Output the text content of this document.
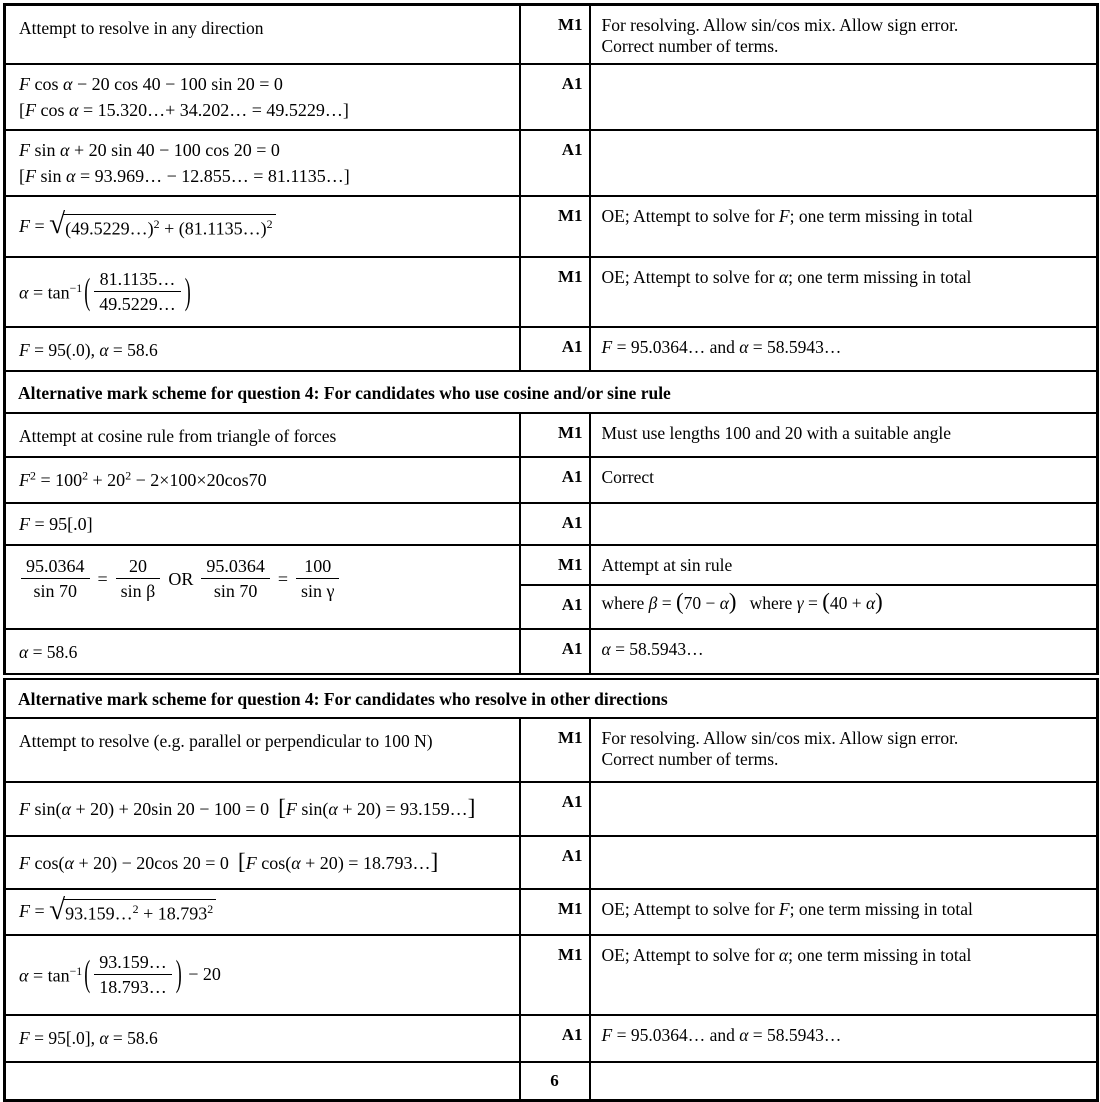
Attempt to resolve in any direction	M1	For resolving. Allow sin/cos mix. Allow sign error.
Correct number of terms.

F cos α − 20 cos 40 − 100 sin 20 = 0
[F cos α = 15.320…+ 34.202… = 49.5229…]	A1	

F sin α + 20 sin 40 − 100 cos 20 = 0
[F sin α = 93.969… − 12.855… = 81.1135…]	A1	

F = √ (49.5229…)$^2$ + (81.1135…)$^2$	M1	OE; Attempt to solve for F; one term missing in total

$\alpha = \tan^{-1}$ ( $\frac{81.1135\dots}{49.5229\dots}$ )	M1	OE; Attempt to solve for α; one term missing in total

F = 95(.0), α = 58.6	A1	F = 95.0364… and α = 58.5943…

Alternative mark scheme for question 4: For candidates who use cosine and/or sine rule		

Attempt at cosine rule from triangle of forces	M1	Must use lengths 100 and 20 with a suitable angle

$F^2 = 100^2 + 20^2 - 2\times 100\times 20\cos 70$	A1	Correct

F = 95[.0]	A1	

$\frac{95.0364}{\sin 70} = \frac{20}{\text{sin β}}$ OR $\frac{95.0364}{\sin 70} = \frac{100}{\text{sin γ}}$	M1	Attempt at sin rule

	A1	where β = (70 − α)   where γ = (40 + α)

α = 58.6	A1	α = 58.5943…

Alternative mark scheme for question 4: For candidates who resolve in other directions		

Attempt to resolve (e.g. parallel or perpendicular to 100 N)	M1	For resolving. Allow sin/cos mix. Allow sign error.
Correct number of terms.

F sin(α + 20) + 20sin 20 − 100 = 0  [F sin(α + 20) = 93.159…]	A1	

F cos(α + 20) − 20cos 20 = 0  [F cos(α + 20) = 18.793…]	A1	

F = √ 93.159…$^2$ + $18.793^2$	M1	OE; Attempt to solve for F; one term missing in total

$\alpha = \tan^{-1}$ ( $\frac{93.159\dots}{18.793\dots}$ ) − 20
	M1	OE; Attempt to solve for α; one term missing in total

F = 95[.0], α = 58.6	A1	F = 95.0364… and α = 58.5943…

	6	
